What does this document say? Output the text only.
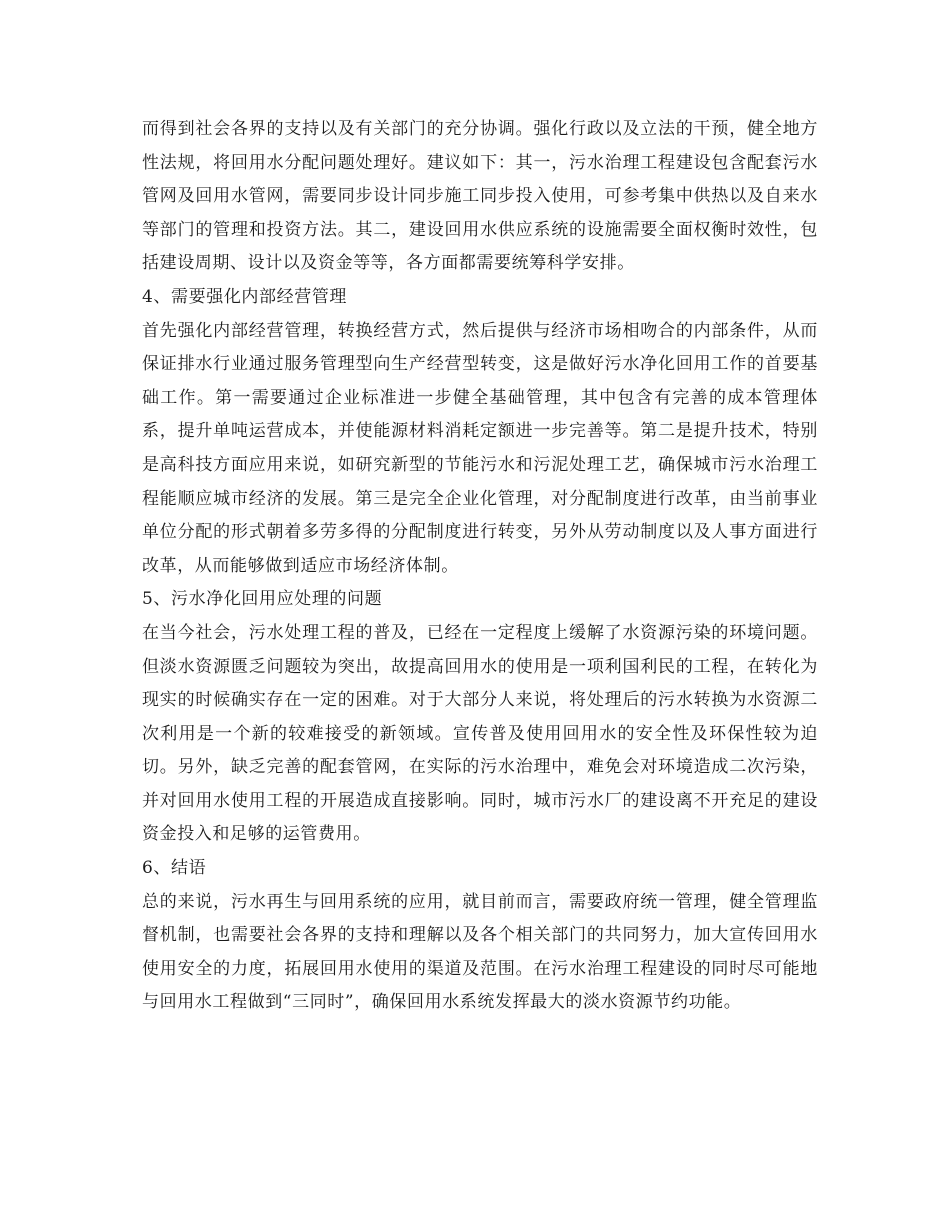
而得到社会各界的支持以及有关部门的充分协调。强化行政以及立法的干预，健全地方性法规，将回用水分配问题处理好。建议如下：其一，污水治理工程建设包含配套污水管网及回用水管网，需要同步设计同步施工同步投入使用，可参考集中供热以及自来水等部门的管理和投资方法。其二，建设回用水供应系统的设施需要全面权衡时效性，包括建设周期、设计以及资金等等，各方面都需要统筹科学安排。

4、需要强化内部经营管理

首先强化内部经营管理，转换经营方式，然后提供与经济市场相吻合的内部条件，从而保证排水行业通过服务管理型向生产经营型转变，这是做好污水净化回用工作的首要基础工作。第一需要通过企业标准进一步健全基础管理，其中包含有完善的成本管理体系，提升单吨运营成本，并使能源材料消耗定额进一步完善等。第二是提升技术，特别是高科技方面应用来说，如研究新型的节能污水和污泥处理工艺，确保城市污水治理工程能顺应城市经济的发展。第三是完全企业化管理，对分配制度进行改革，由当前事业单位分配的形式朝着多劳多得的分配制度进行转变，另外从劳动制度以及人事方面进行改革，从而能够做到适应市场经济体制。

5、污水净化回用应处理的问题

在当今社会，污水处理工程的普及，已经在一定程度上缓解了水资源污染的环境问题。但淡水资源匮乏问题较为突出，故提高回用水的使用是一项利国利民的工程，在转化为现实的时候确实存在一定的困难。对于大部分人来说，将处理后的污水转换为水资源二次利用是一个新的较难接受的新领域。宣传普及使用回用水的安全性及环保性较为迫切。另外，缺乏完善的配套管网，在实际的污水治理中，难免会对环境造成二次污染，并对回用水使用工程的开展造成直接影响。同时，城市污水厂的建设离不开充足的建设资金投入和足够的运管费用。

6、结语

总的来说，污水再生与回用系统的应用，就目前而言，需要政府统一管理，健全管理监督机制，也需要社会各界的支持和理解以及各个相关部门的共同努力，加大宣传回用水使用安全的力度，拓展回用水使用的渠道及范围。在污水治理工程建设的同时尽可能地与回用水工程做到“三同时”，确保回用水系统发挥最大的淡水资源节约功能。
